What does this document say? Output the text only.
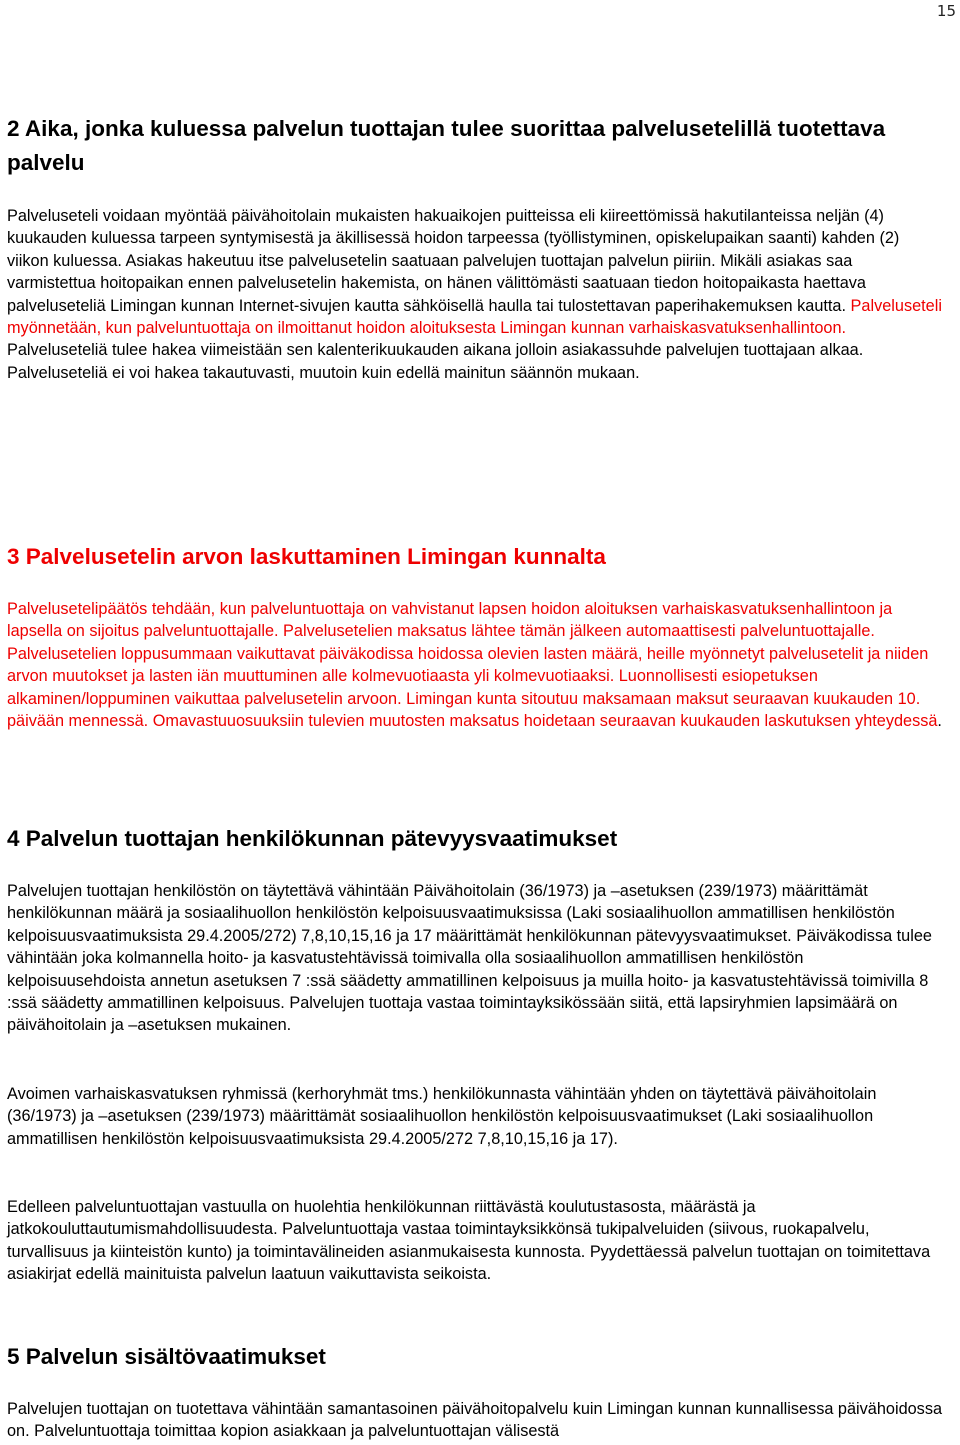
15
2 Aika, jonka kuluessa palvelun tuottajan tulee suorittaa palvelusetelillä tuotettava palvelu

Palveluseteli voidaan myöntää päivähoitolain mukaisten hakuaikojen puitteissa eli kiireettömissä hakutilanteissa neljän (4) kuukauden kuluessa tarpeen syntymisestä ja äkillisessä hoidon tarpeessa (työllistyminen, opiskelupaikan saanti) kahden (2) viikon kuluessa. Asiakas hakeutuu itse palvelusetelin saatuaan palvelujen tuottajan palvelun piiriin. Mikäli asiakas saa varmistettua hoitopaikan ennen palvelusetelin hakemista, on hänen välittömästi saatuaan tiedon hoitopaikasta haettava palveluseteliä Limingan kunnan Internet-sivujen kautta sähköisellä haulla tai tulostettavan paperihakemuksen kautta. Palveluseteli myönnetään, kun palveluntuottaja on ilmoittanut hoidon aloituksesta Limingan kunnan varhaiskasvatuksenhallintoon. Palveluseteliä tulee hakea viimeistään sen kalenterikuukauden aikana jolloin asiakassuhde palvelujen tuottajaan alkaa. Palveluseteliä ei voi hakea takautuvasti, muutoin kuin edellä mainitun säännön mukaan.

3 Palvelusetelin arvon laskuttaminen Limingan kunnalta

Palvelusetelipäätös tehdään, kun palveluntuottaja on vahvistanut lapsen hoidon aloituksen varhaiskasvatuksenhallintoon ja lapsella on sijoitus palveluntuottajalle. Palvelusetelien maksatus lähtee tämän jälkeen automaattisesti palveluntuottajalle. Palvelusetelien loppusummaan vaikuttavat päiväkodissa hoidossa olevien lasten määrä, heille myönnetyt palvelusetelit ja niiden arvon muutokset ja lasten iän muuttuminen alle kolmevuotiaasta yli kolmevuotiaaksi. Luonnollisesti esiopetuksen alkaminen/loppuminen vaikuttaa palvelusetelin arvoon. Limingan kunta sitoutuu maksamaan maksut seuraavan kuukauden 10. päivään mennessä. Omavastuuosuuksiin tulevien muutosten maksatus hoidetaan seuraavan kuukauden laskutuksen yhteydessä.

4 Palvelun tuottajan henkilökunnan pätevyysvaatimukset

Palvelujen tuottajan henkilöstön on täytettävä vähintään Päivähoitolain (36/1973) ja –asetuksen (239/1973) määrittämät henkilökunnan määrä ja sosiaalihuollon henkilöstön kelpoisuusvaatimuksissa (Laki sosiaalihuollon ammatillisen henkilöstön kelpoisuusvaatimuksista 29.4.2005/272) 7,8,10,15,16 ja 17 määrittämät henkilökunnan pätevyysvaatimukset. Päiväkodissa tulee vähintään joka kolmannella hoito- ja kasvatustehtävissä toimivalla olla sosiaalihuollon ammatillisen henkilöstön kelpoisuusehdoista annetun asetuksen 7 :ssä säädetty ammatillinen kelpoisuus ja muilla hoito- ja kasvatustehtävissä toimivilla 8 :ssä säädetty ammatillinen kelpoisuus. Palvelujen tuottaja vastaa toimintayksikössään siitä, että lapsiryhmien lapsimäärä on päivähoitolain ja –asetuksen mukainen.

Avoimen varhaiskasvatuksen ryhmissä (kerhoryhmät tms.) henkilökunnasta vähintään yhden on täytettävä päivähoitolain (36/1973) ja –asetuksen (239/1973) määrittämät sosiaalihuollon henkilöstön kelpoisuusvaatimukset (Laki sosiaalihuollon ammatillisen henkilöstön kelpoisuusvaatimuksista 29.4.2005/272 7,8,10,15,16 ja 17).

Edelleen palveluntuottajan vastuulla on huolehtia henkilökunnan riittävästä koulutustasosta, määrästä ja jatkokouluttautumismahdollisuudesta. Palveluntuottaja vastaa toimintayksikkönsä tukipalveluiden (siivous, ruokapalvelu, turvallisuus ja kiinteistön kunto) ja toimintavälineiden asianmukaisesta kunnosta. Pyydettäessä palvelun tuottajan on toimitettava asiakirjat edellä mainituista palvelun laatuun vaikuttavista seikoista.

5 Palvelun sisältövaatimukset

Palvelujen tuottajan on tuotettava vähintään samantasoinen päivähoitopalvelu kuin Limingan kunnan kunnallisessa päivähoidossa on. Palveluntuottaja toimittaa kopion asiakkaan ja palveluntuottajan välisestä
